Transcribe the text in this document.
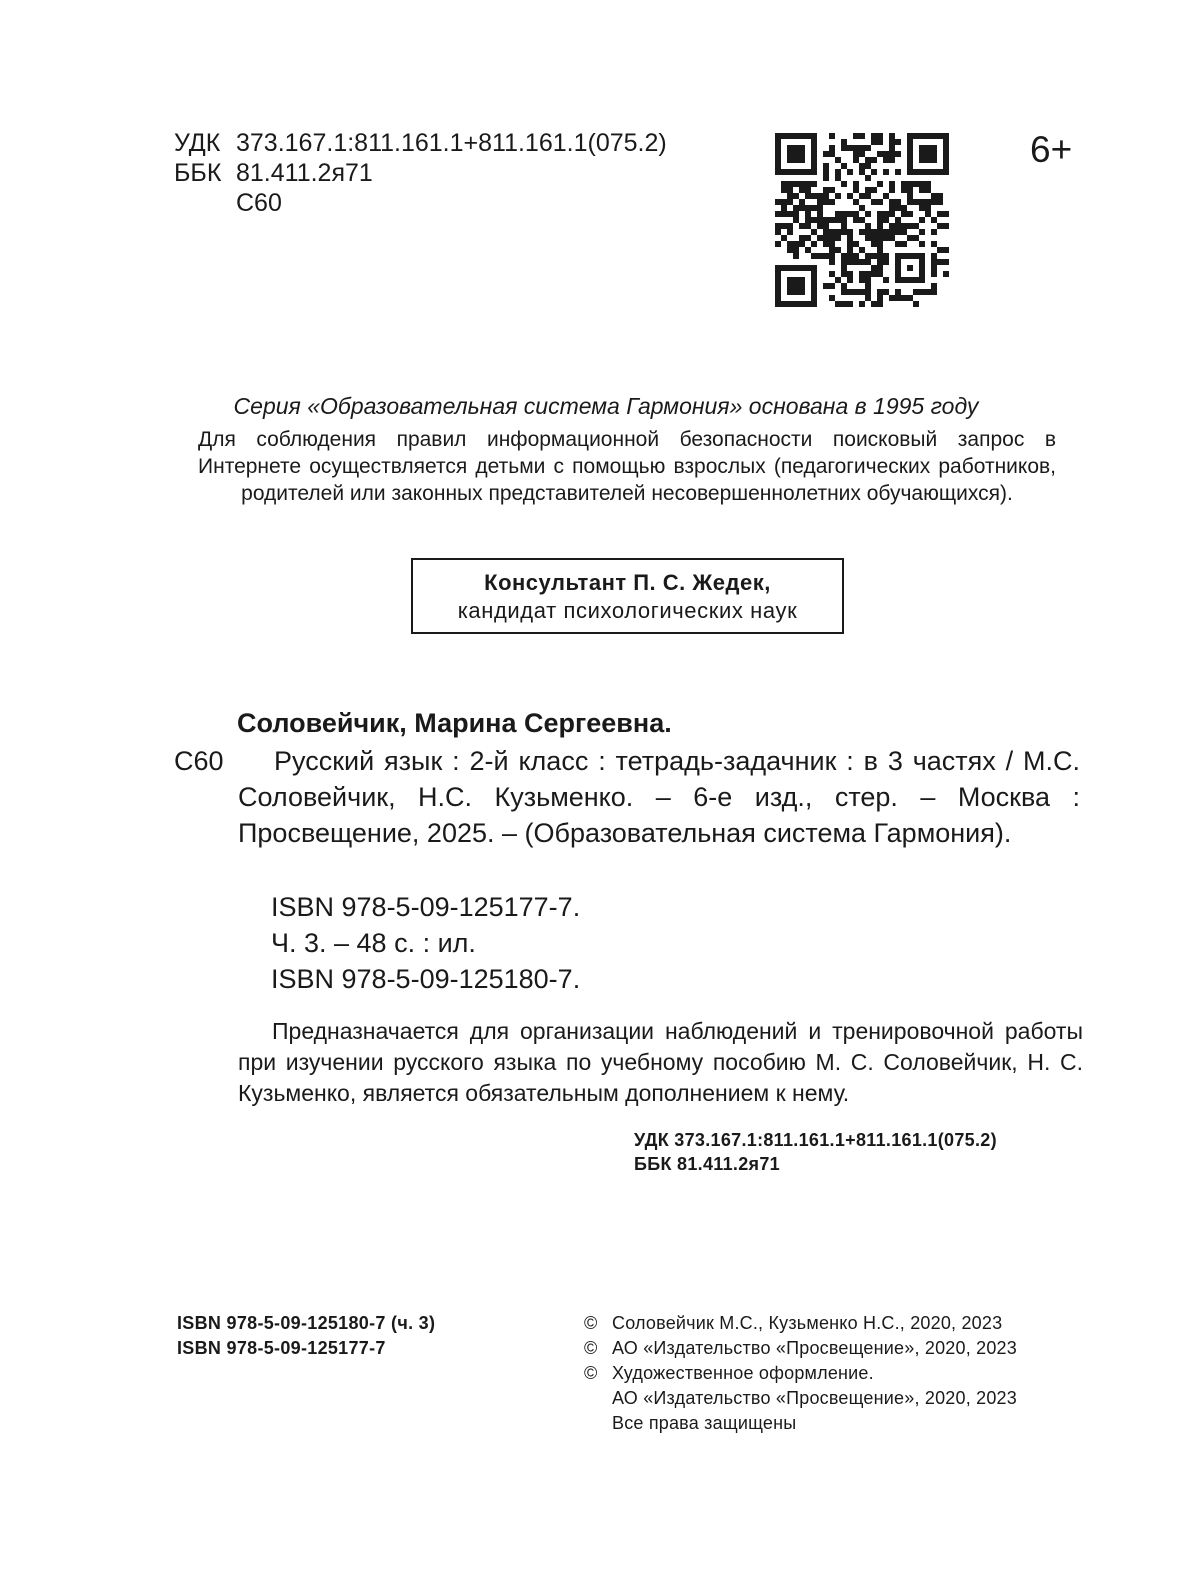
УДК 373.167.1:811.161.1+811.161.1(075.2)
ББК 81.411.2я71
С60
6+
Серия «Образовательная система Гармония» основана в 1995 году
Для соблюдения правил информационной безопасности поисковый запрос в Интернете осуществляется детьми с помощью взрослых (педагогических работников, родителей или законных представителей несовершеннолетних обучающихся).
Консультант П. С. Жедек,
кандидат психологических наук
Соловейчик, Марина Сергеевна.
С60	Русский язык : 2-й класс : тетрадь-задачник : в 3 частях / М.С. Соловейчик, Н.С. Кузьменко. – 6-е изд., стер. – Москва : Просвещение, 2025. – (Образовательная система Гармония).
ISBN 978-5-09-125177-7.
Ч. 3. – 48 с. : ил.
ISBN 978-5-09-125180-7.
Предназначается для организации наблюдений и тренировочной работы при изучении русского языка по учебному пособию М. С. Соловейчик, Н. С. Кузьменко, является обязательным дополнением к нему.
УДК 373.167.1:811.161.1+811.161.1(075.2)
ББК 81.411.2я71
ISBN 978-5-09-125180-7 (ч. 3)
ISBN 978-5-09-125177-7
© Соловейчик М.С., Кузьменко Н.С., 2020, 2023
© АО «Издательство «Просвещение», 2020, 2023
© Художественное оформление.
АО «Издательство «Просвещение», 2020, 2023
Все права защищены
